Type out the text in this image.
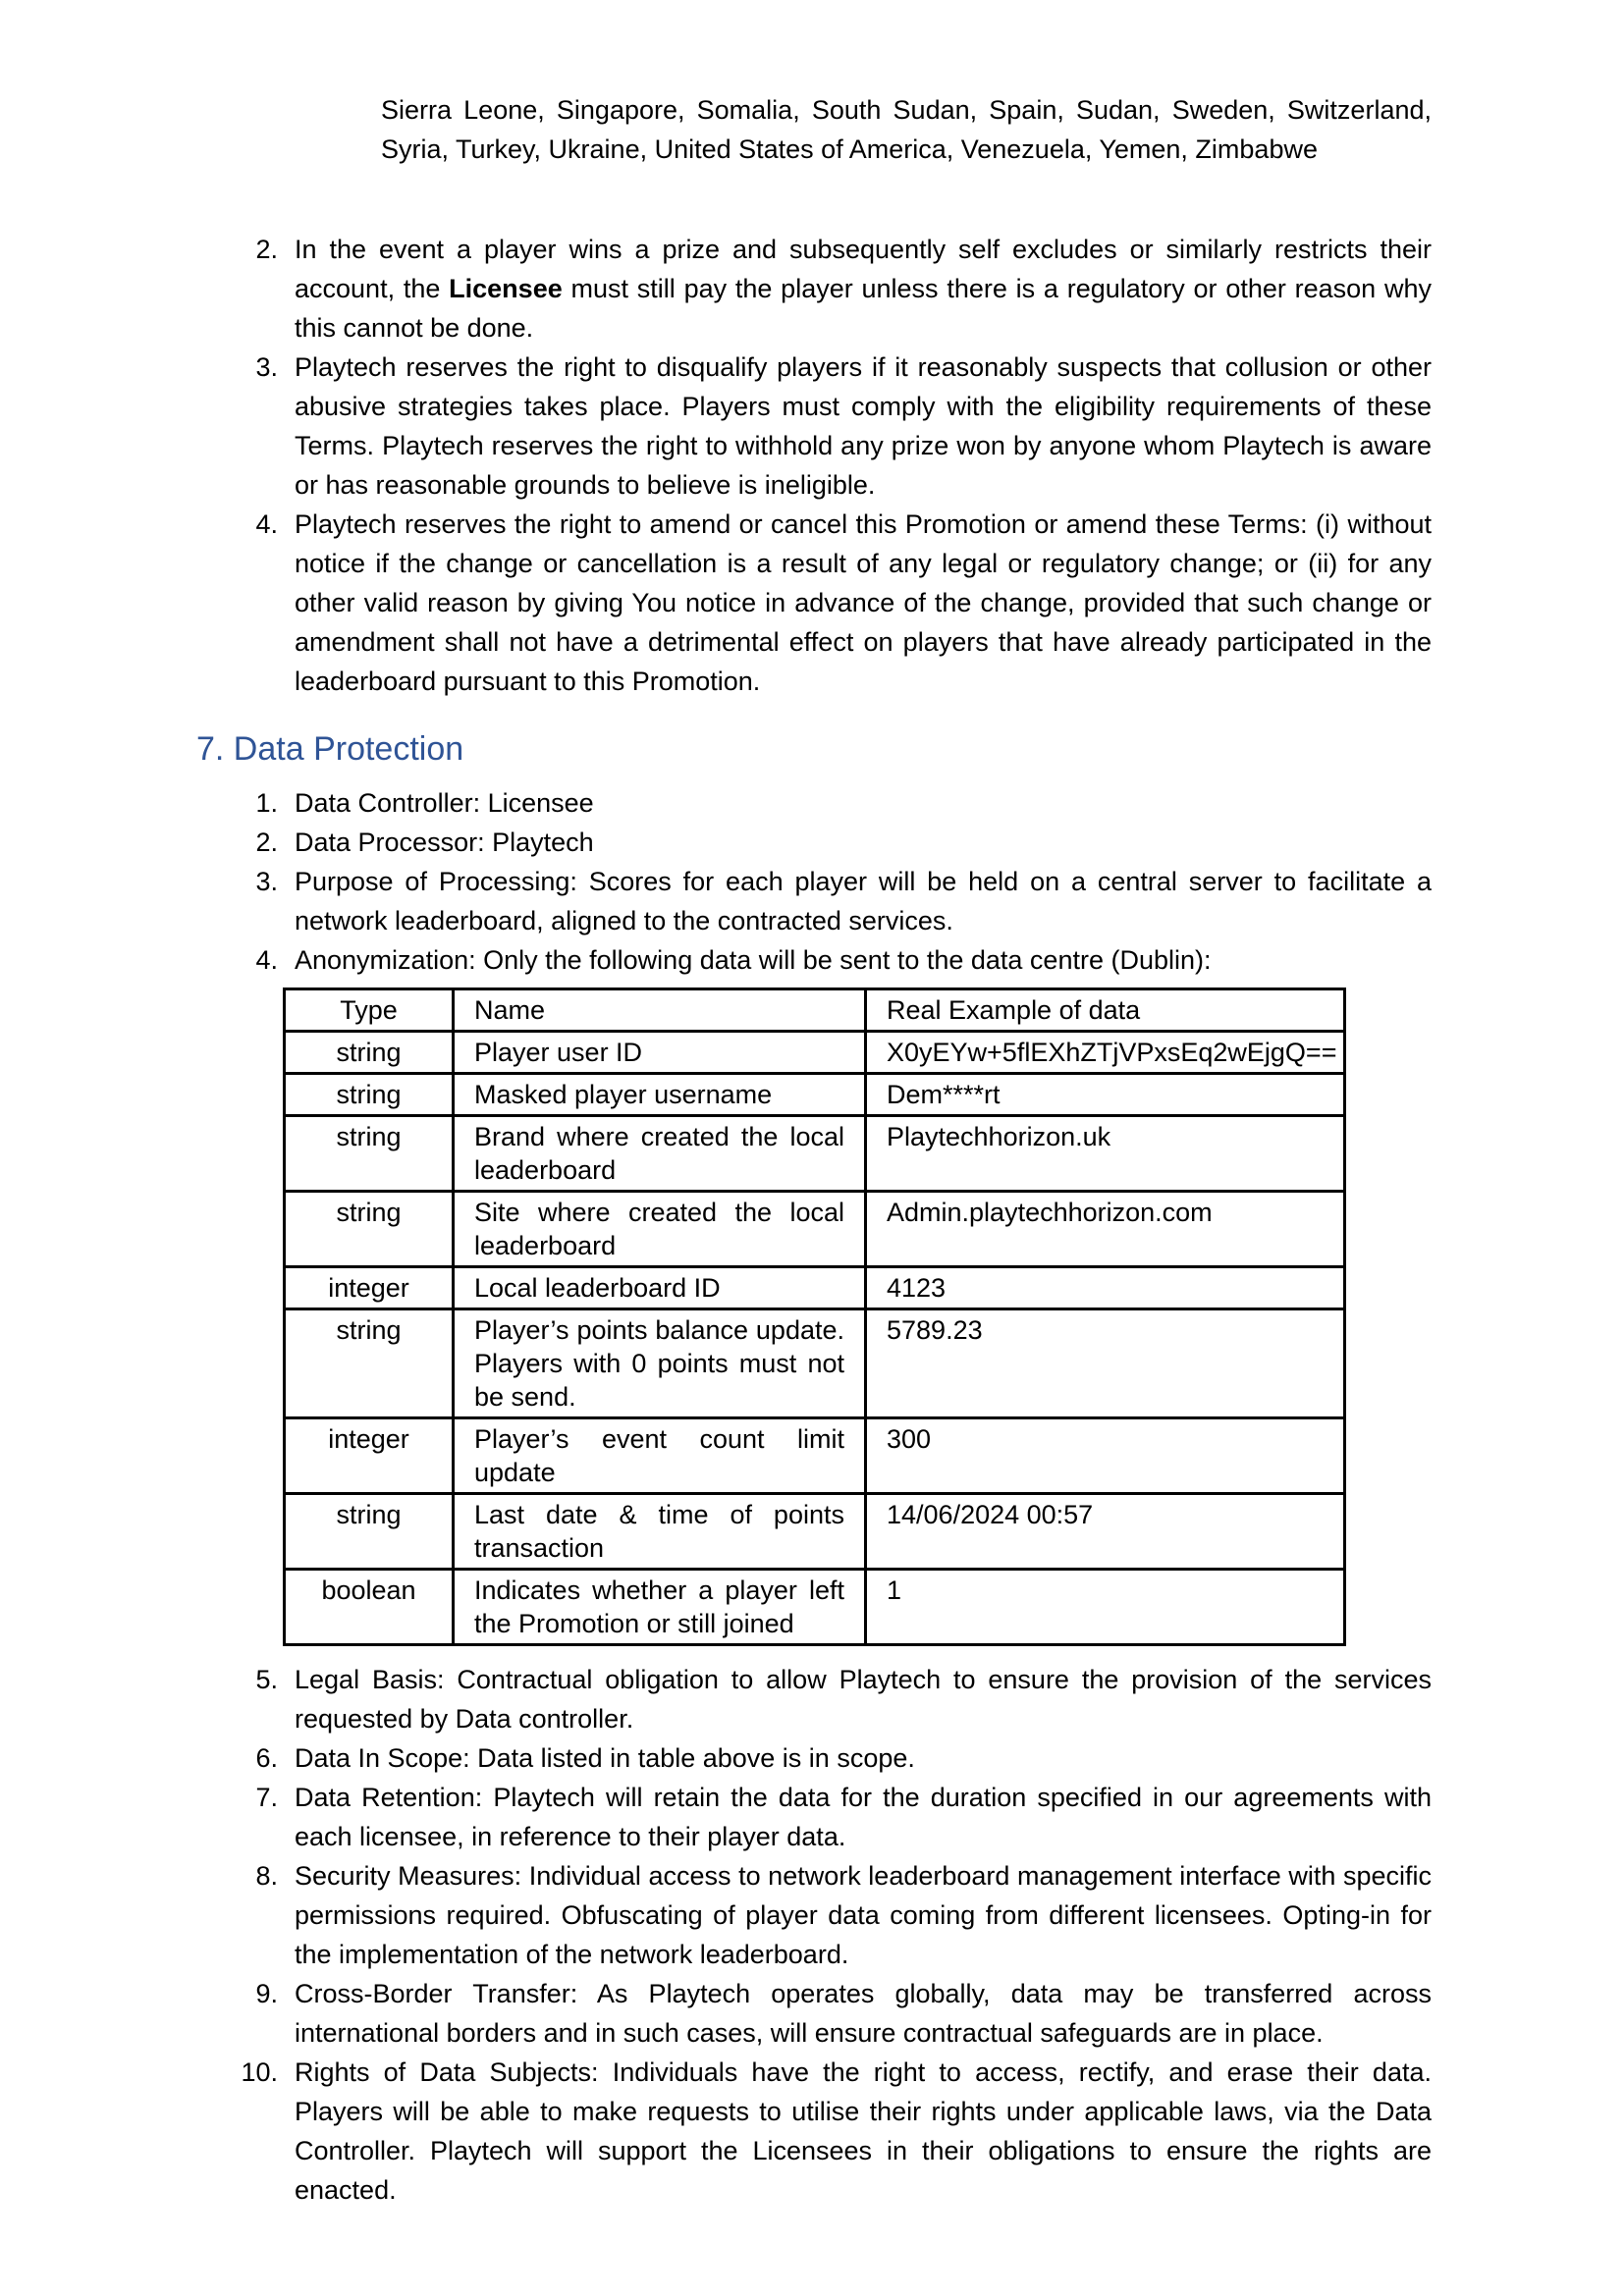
Sierra Leone, Singapore, Somalia, South Sudan, Spain, Sudan, Sweden, Switzerland, Syria, Turkey, Ukraine, United States of America, Venezuela, Yemen, Zimbabwe

2. In the event a player wins a prize and subsequently self excludes or similarly restricts their account, the Licensee must still pay the player unless there is a regulatory or other reason why this cannot be done.

3. Playtech reserves the right to disqualify players if it reasonably suspects that collusion or other abusive strategies takes place. Players must comply with the eligibility requirements of these Terms. Playtech reserves the right to withhold any prize won by anyone whom Playtech is aware or has reasonable grounds to believe is ineligible.

4. Playtech reserves the right to amend or cancel this Promotion or amend these Terms: (i) without notice if the change or cancellation is a result of any legal or regulatory change; or (ii) for any other valid reason by giving You notice in advance of the change, provided that such change or amendment shall not have a detrimental effect on players that have already participated in the leaderboard pursuant to this Promotion.

7. Data Protection
1. Data Controller: Licensee

2. Data Processor: Playtech

3. Purpose of Processing: Scores for each player will be held on a central server to facilitate a network leaderboard, aligned to the contracted services.

4. Anonymization: Only the following data will be sent to the data centre (Dublin):

Type	Name	Real Example of data
string	Player user ID	X0yEYw+5flEXhZTjVPxsEq2wEjgQ==
string	Masked player username	Dem****rt
string	Brand where created the local leaderboard	Playtechhorizon.uk
string	Site where created the local leaderboard	Admin.playtechhorizon.com
integer	Local leaderboard ID	4123
string	Player’s points balance update. Players with 0 points must not be send.	5789.23
integer	Player’s event count limit update	300
string	Last date & time of points transaction	14/06/2024 00:57
boolean	Indicates whether a player left the Promotion or still joined	1
5. Legal Basis: Contractual obligation to allow Playtech to ensure the provision of the services requested by Data controller.

6. Data In Scope: Data listed in table above is in scope.

7. Data Retention: Playtech will retain the data for the duration specified in our agreements with each licensee, in reference to their player data.

8. Security Measures: Individual access to network leaderboard management interface with specific permissions required. Obfuscating of player data coming from different licensees. Opting-in for the implementation of the network leaderboard.

9. Cross-Border Transfer: As Playtech operates globally, data may be transferred across international borders and in such cases, will ensure contractual safeguards are in place.

10. Rights of Data Subjects: Individuals have the right to access, rectify, and erase their data. Players will be able to make requests to utilise their rights under applicable laws, via the Data Controller. Playtech will support the Licensees in their obligations to ensure the rights are enacted.
